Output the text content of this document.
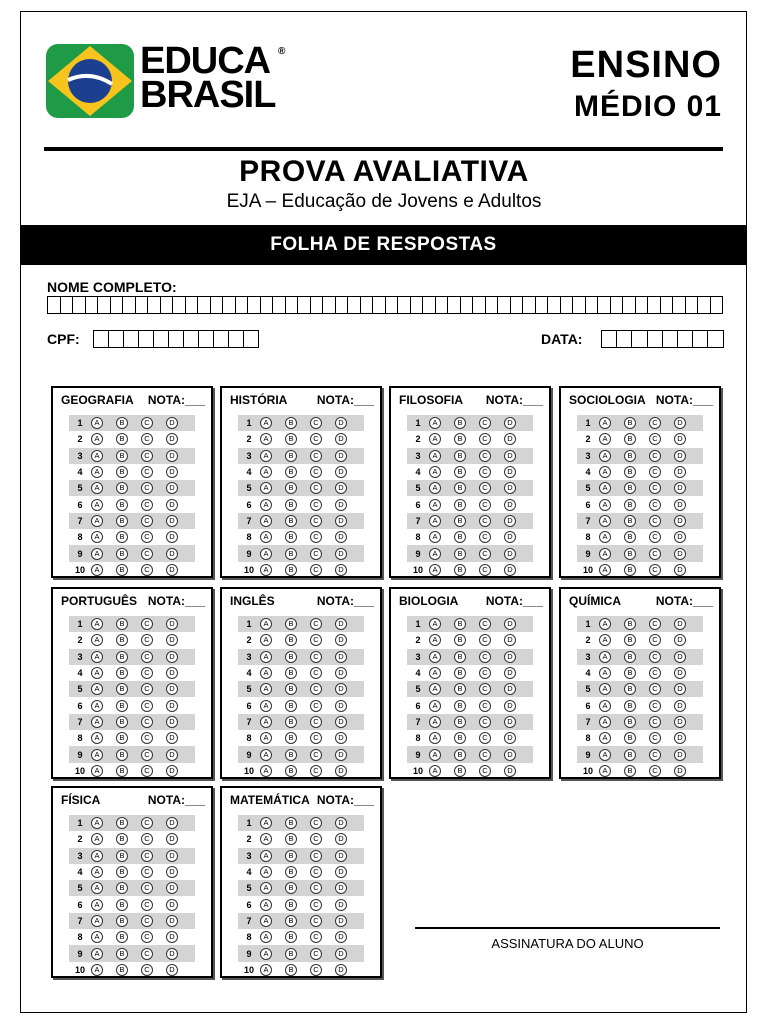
EDUCA
BRASIL
®	ENSINO
MÉDIO 01
PROVA AVALIATIVA
EJA – Educação de Jovens e Adultos
FOLHA DE RESPOSTAS
NOME COMPLETO:
CPF:	DATA:
GEOGRAFIA NOTA:___
1	A	B	C	D
2	A	B	C	D
3	A	B	C	D
4	A	B	C	D
5	A	B	C	D
6	A	B	C	D
7	A	B	C	D
8	A	B	C	D
9	A	B	C	D
10	A	B	C	D
HISTÓRIA NOTA:___
1	A	B	C	D
2	A	B	C	D
3	A	B	C	D
4	A	B	C	D
5	A	B	C	D
6	A	B	C	D
7	A	B	C	D
8	A	B	C	D
9	A	B	C	D
10	A	B	C	D
FILOSOFIA NOTA:___
1	A	B	C	D
2	A	B	C	D
3	A	B	C	D
4	A	B	C	D
5	A	B	C	D
6	A	B	C	D
7	A	B	C	D
8	A	B	C	D
9	A	B	C	D
10	A	B	C	D
SOCIOLOGIA NOTA:___
1	A	B	C	D
2	A	B	C	D
3	A	B	C	D
4	A	B	C	D
5	A	B	C	D
6	A	B	C	D
7	A	B	C	D
8	A	B	C	D
9	A	B	C	D
10	A	B	C	D
PORTUGUÊS NOTA:___
1	A	B	C	D
2	A	B	C	D
3	A	B	C	D
4	A	B	C	D
5	A	B	C	D
6	A	B	C	D
7	A	B	C	D
8	A	B	C	D
9	A	B	C	D
10	A	B	C	D
INGLÊS	NOTA:___
1	A	B	C	D
2	A	B	C	D
3	A	B	C	D
4	A	B	C	D
5	A	B	C	D
6	A	B	C	D
7	A	B	C	D
8	A	B	C	D
9	A	B	C	D
10	A	B	C	D
BIOLOGIA NOTA:___
1	A	B	C	D
2	A	B	C	D
3	A	B	C	D
4	A	B	C	D
5	A	B	C	D
6	A	B	C	D
7	A	B	C	D
8	A	B	C	D
9	A	B	C	D
10	A	B	C	D
QUÍMICA	NOTA:___
1	A	B	C	D
2	A	B	C	D
3	A	B	C	D
4	A	B	C	D
5	A	B	C	D
6	A	B	C	D
7	A	B	C	D
8	A	B	C	D
9	A	B	C	D
10	A	B	C	D
FÍSICA	NOTA:___
1	A	B	C	D
2	A	B	C	D
3	A	B	C	D
4	A	B	C	D
5	A	B	C	D
6	A	B	C	D
7	A	B	C	D
8	A	B	C	D
9	A	B	C	D
10	A	B	C	D
MATEMÁTICA NOTA:___
1	A	B	C	D
2	A	B	C	D
3	A	B	C	D
4	A	B	C	D
5	A	B	C	D
6	A	B	C	D
7	A	B	C	D
8	A	B	C	D
9	A	B	C	D
10	A	B	C	D
ASSINATURA DO ALUNO
